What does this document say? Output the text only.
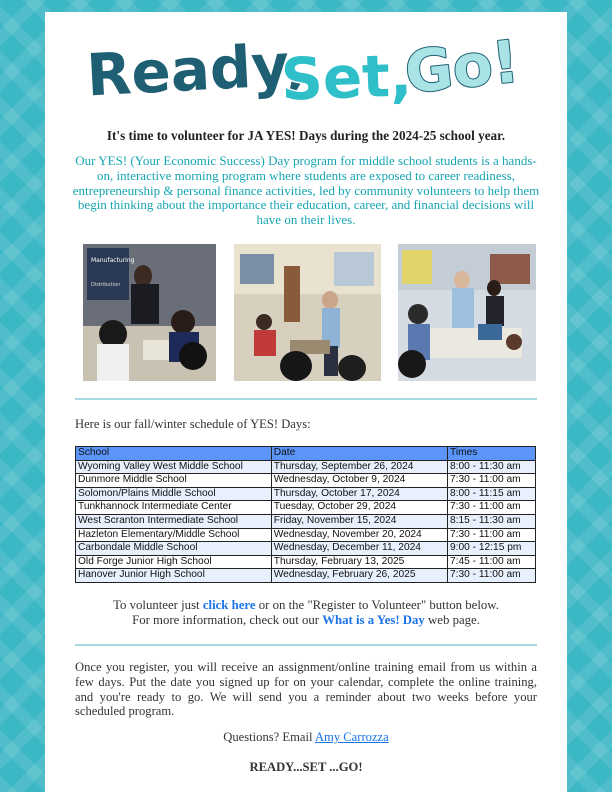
Ready,
Set,
Go!
It's time to volunteer for JA YES! Days during the 2024-25 school year.
Our YES! (Your Economic Success) Day program for middle school students is a hands-on, interactive morning program where students are exposed to career readiness, entrepreneurship & personal finance activities, led by community volunteers to help them begin thinking about the importance their education, career, and financial decisions will have on their lives.
Manufacturing
Distribution
Here is our fall/winter schedule of YES! Days:
School	Date	Times
Wyoming Valley West Middle School	Thursday, September 26, 2024	8:00 - 11:30 am
Dunmore Middle School	Wednesday, October 9, 2024	7:30 - 11:00 am
Solomon/Plains Middle School	Thursday, October 17, 2024	8:00 - 11:15 am
Tunkhannock Intermediate Center	Tuesday, October 29, 2024	7:30 - 11:00 am
West Scranton Intermediate School	Friday, November 15, 2024	8:15 - 11:30 am
Hazleton Elementary/Middle School	Wednesday, November 20, 2024	7:30 - 11:00 am
Carbondale Middle School	Wednesday, December 11, 2024	9:00 - 12:15 pm
Old Forge Junior High School	Thursday, February 13, 2025	7:45 - 11:00 am
Hanover Junior High School	Wednesday, February 26, 2025	7:30 - 11:00 am
To volunteer just click here or on the "Register to Volunteer" button below.
For more information, check out our What is a Yes! Day web page.
Once you register, you will receive an assignment/online training email from us within a few days. Put the date you signed up for on your calendar, complete the online training, and you're ready to go. We will send you a reminder about two weeks before your scheduled program.
Questions? Email Amy Carrozza
READY...SET ...GO!
